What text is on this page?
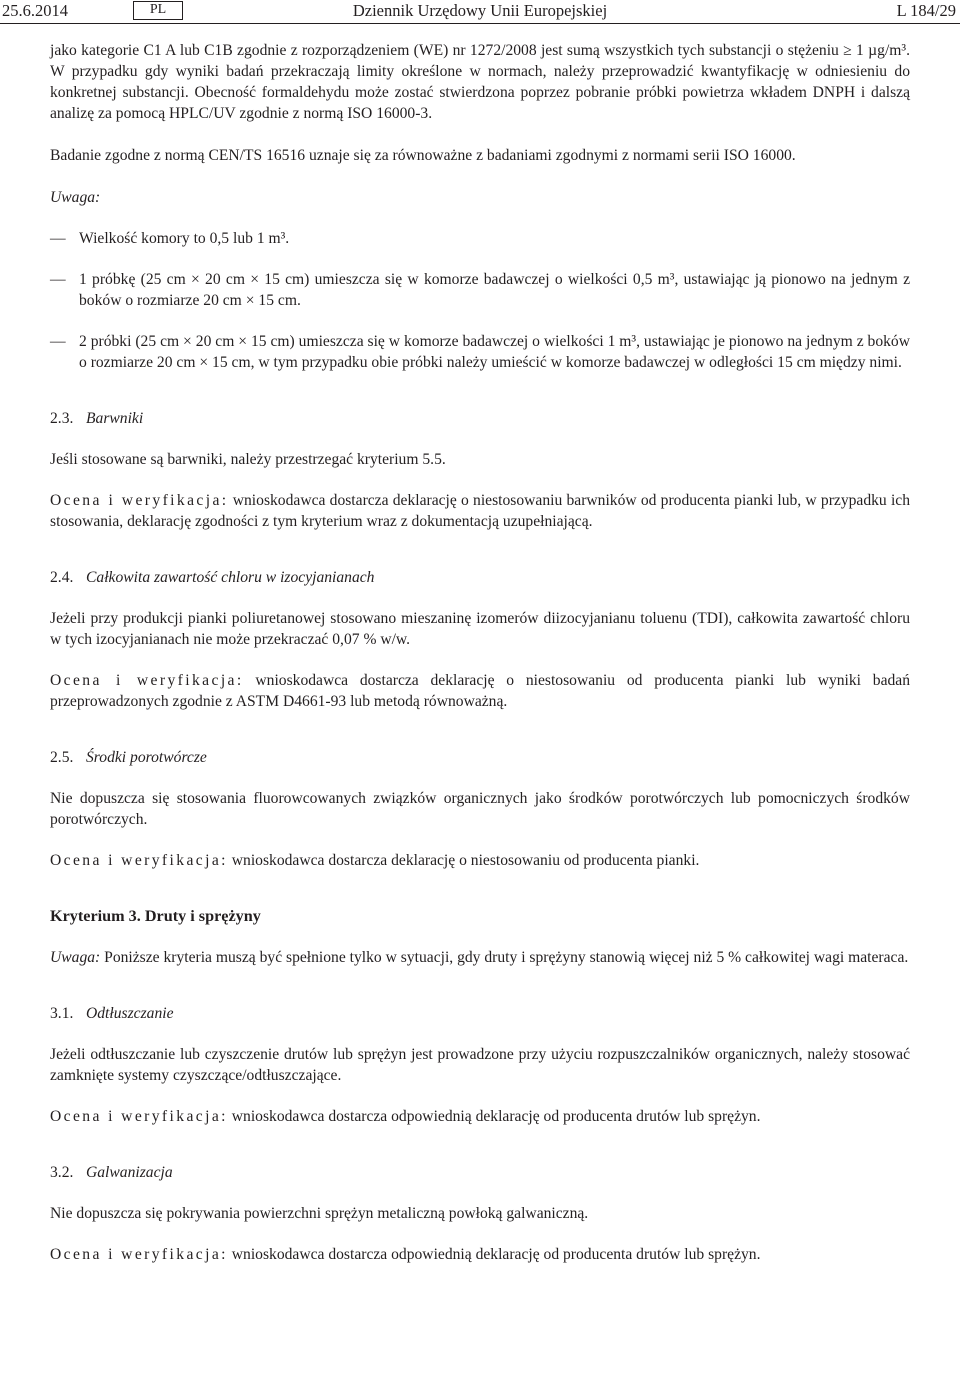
25.6.2014	Dziennik Urzędowy Unii Europejskiej
PL	L 184/29

jako kategorie C1 A lub C1B zgodnie z rozporządzeniem (WE) nr 1272/2008 jest sumą wszystkich tych substancji o stężeniu ≥ 1 µg/m³. W przypadku gdy wyniki badań przekraczają limity określone w normach, należy przeprowadzić kwantyfikację w odniesieniu do konkretnej substancji. Obecność formaldehydu może zostać stwierdzona poprzez pobranie próbki powietrza wkładem DNPH i dalszą analizę za pomocą HPLC/UV zgodnie z normą ISO 16000-3.

Badanie zgodne z normą CEN/TS 16516 uznaje się za równoważne z badaniami zgodnymi z normami serii ISO 16000.

Uwaga:

— Wielkość komory to 0,5 lub 1 m³.

— 1 próbkę (25 cm × 20 cm × 15 cm) umieszcza się w komorze badawczej o wielkości 0,5 m³, ustawiając ją pionowo na jednym z boków o rozmiarze 20 cm × 15 cm.

— 2 próbki (25 cm × 20 cm × 15 cm) umieszcza się w komorze badawczej o wielkości 1 m³, ustawiając je pionowo na jednym z boków o rozmiarze 20 cm × 15 cm, w tym przypadku obie próbki należy umieścić w komorze badawczej w odległości 15 cm między nimi.

2.3. Barwniki

Jeśli stosowane są barwniki, należy przestrzegać kryterium 5.5.

Ocena i weryfikacja: wnioskodawca dostarcza deklarację o niestosowaniu barwników od producenta pianki lub, w przypadku ich stosowania, deklarację zgodności z tym kryterium wraz z dokumentacją uzupełniającą.

2.4. Całkowita zawartość chloru w izocyjanianach

Jeżeli przy produkcji pianki poliuretanowej stosowano mieszaninę izomerów diizocyjanianu toluenu (TDI), całkowita zawartość chloru w tych izocyjanianach nie może przekraczać 0,07 % w/w.

Ocena i weryfikacja: wnioskodawca dostarcza deklarację o niestosowaniu od producenta pianki lub wyniki badań przeprowadzonych zgodnie z ASTM D4661-93 lub metodą równoważną.

2.5. Środki porotwórcze

Nie dopuszcza się stosowania fluorowcowanych związków organicznych jako środków porotwórczych lub pomocniczych środków porotwórczych.

Ocena i weryfikacja: wnioskodawca dostarcza deklarację o niestosowaniu od producenta pianki.

Kryterium 3. Druty i sprężyny

Uwaga: Poniższe kryteria muszą być spełnione tylko w sytuacji, gdy druty i sprężyny stanowią więcej niż 5 % całkowitej wagi materaca.

3.1. Odtłuszczanie

Jeżeli odtłuszczanie lub czyszczenie drutów lub sprężyn jest prowadzone przy użyciu rozpuszczalników organicznych, należy stosować zamknięte systemy czyszczące/odtłuszczające.

Ocena i weryfikacja: wnioskodawca dostarcza odpowiednią deklarację od producenta drutów lub sprężyn.

3.2. Galwanizacja

Nie dopuszcza się pokrywania powierzchni sprężyn metaliczną powłoką galwaniczną.

Ocena i weryfikacja: wnioskodawca dostarcza odpowiednią deklarację od producenta drutów lub sprężyn.
